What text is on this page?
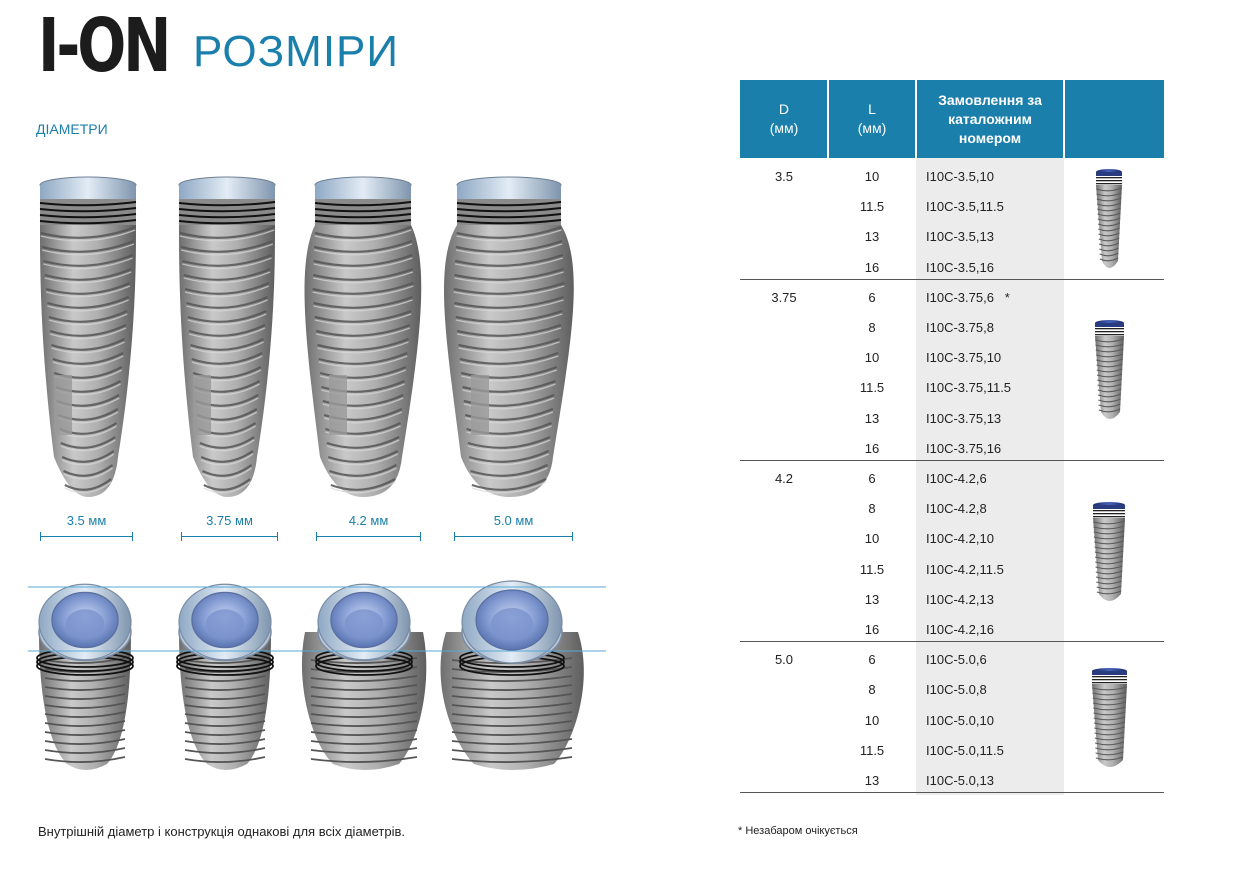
I-ON РОЗМІРИ
ДІАМЕТРИ
3.5 мм	3.75 мм	4.2 мм	5.0 мм
Внутрішній діаметр і конструкція однакові для всіх діаметрів.
D
(мм)
L
(мм)
Замовлення за каталожним номером
3.5	10	I10C-3.5,10
11.5	I10C-3.5,11.5
13	I10C-3.5,13
16	I10C-3.5,16
3.75	6	I10C-3.75,6   *
8	I10C-3.75,8
10	I10C-3.75,10
11.5	I10C-3.75,11.5
13	I10C-3.75,13
16	I10C-3.75,16
4.2	6	I10C-4.2,6
8	I10C-4.2,8
10	I10C-4.2,10
11.5	I10C-4.2,11.5
13	I10C-4.2,13
16	I10C-4.2,16
5.0	6	I10C-5.0,6
8	I10C-5.0,8
10	I10C-5.0,10
11.5	I10C-5.0,11.5
13	I10C-5.0,13
* Незабаром очікується
